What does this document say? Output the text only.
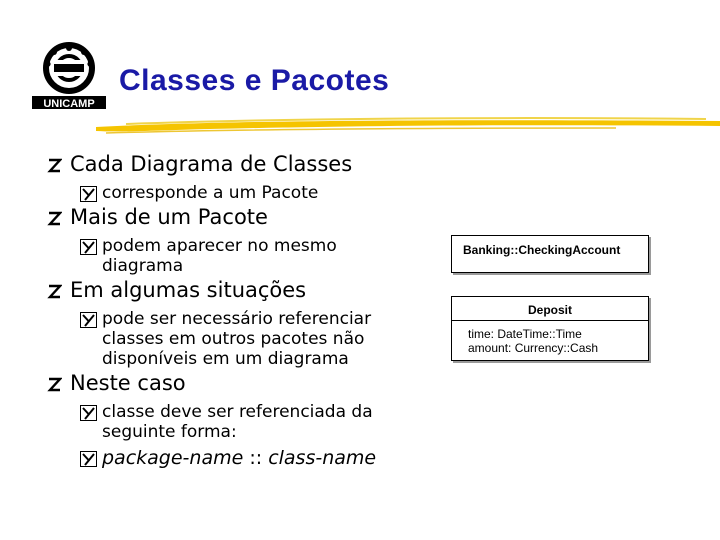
UNICAMP
Classes e Pacotes
Cada Diagrama de Classes
corresponde a um Pacote
Mais de um Pacote
podem aparecer no mesmo diagrama
Em algumas situações
pode ser necessário referenciar classes em outros pacotes não disponíveis em um diagrama
Neste caso
classe deve ser referenciada da seguinte forma:
package-name :: class-name
Banking::CheckingAccount
Deposit
time: DateTime::Time
amount: Currency::Cash
